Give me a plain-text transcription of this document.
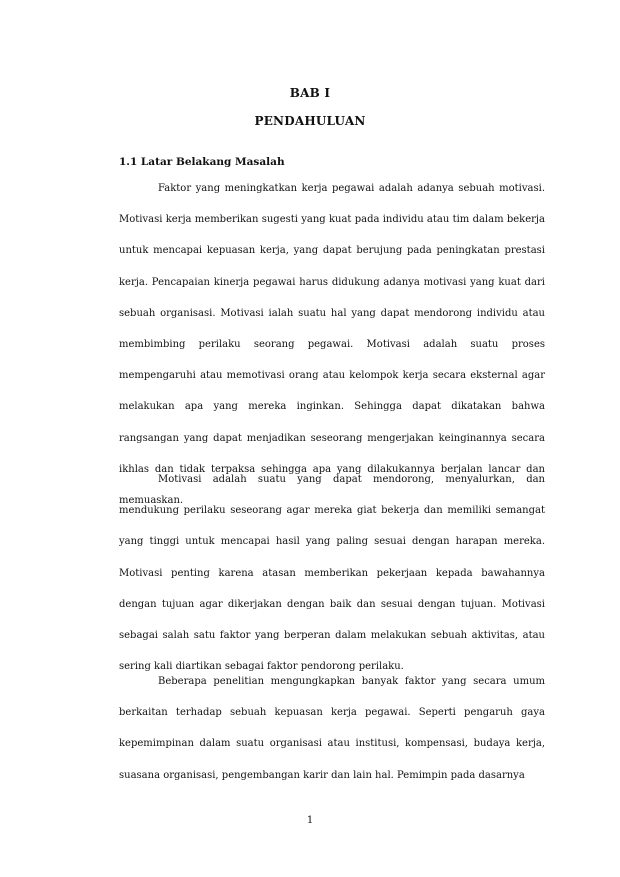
BAB I
PENDAHULUAN
1.1 Latar Belakang Masalah

Faktor yang meningkatkan kerja pegawai adalah adanya sebuah motivasi. Motivasi kerja memberikan sugesti yang kuat pada individu atau tim dalam bekerja untuk mencapai kepuasan kerja, yang dapat berujung pada peningkatan prestasi kerja. Pencapaian kinerja pegawai harus didukung adanya motivasi yang kuat dari sebuah organisasi. Motivasi ialah suatu hal yang dapat mendorong individu atau membimbing perilaku seorang pegawai. Motivasi adalah suatu proses mempengaruhi atau memotivasi orang atau kelompok kerja secara eksternal agar melakukan apa yang mereka inginkan. Sehingga dapat dikatakan bahwa rangsangan yang dapat menjadikan seseorang mengerjakan keinginannya secara ikhlas dan tidak terpaksa sehingga apa yang dilakukannya berjalan lancar dan memuaskan.

Motivasi adalah suatu yang dapat mendorong, menyalurkan, dan mendukung perilaku seseorang agar mereka giat bekerja dan memiliki semangat yang tinggi untuk mencapai hasil yang paling sesuai dengan harapan mereka. Motivasi penting karena atasan memberikan pekerjaan kepada bawahannya dengan tujuan agar dikerjakan dengan baik dan sesuai dengan tujuan. Motivasi sebagai salah satu faktor yang berperan dalam melakukan sebuah aktivitas, atau sering kali diartikan sebagai faktor pendorong perilaku.

Beberapa penelitian mengungkapkan banyak faktor yang secara umum berkaitan terhadap sebuah kepuasan kerja pegawai. Seperti pengaruh gaya kepemimpinan dalam suatu organisasi atau institusi, kompensasi, budaya kerja, suasana organisasi, pengembangan karir dan lain hal. Pemimpin pada dasarnya

1
